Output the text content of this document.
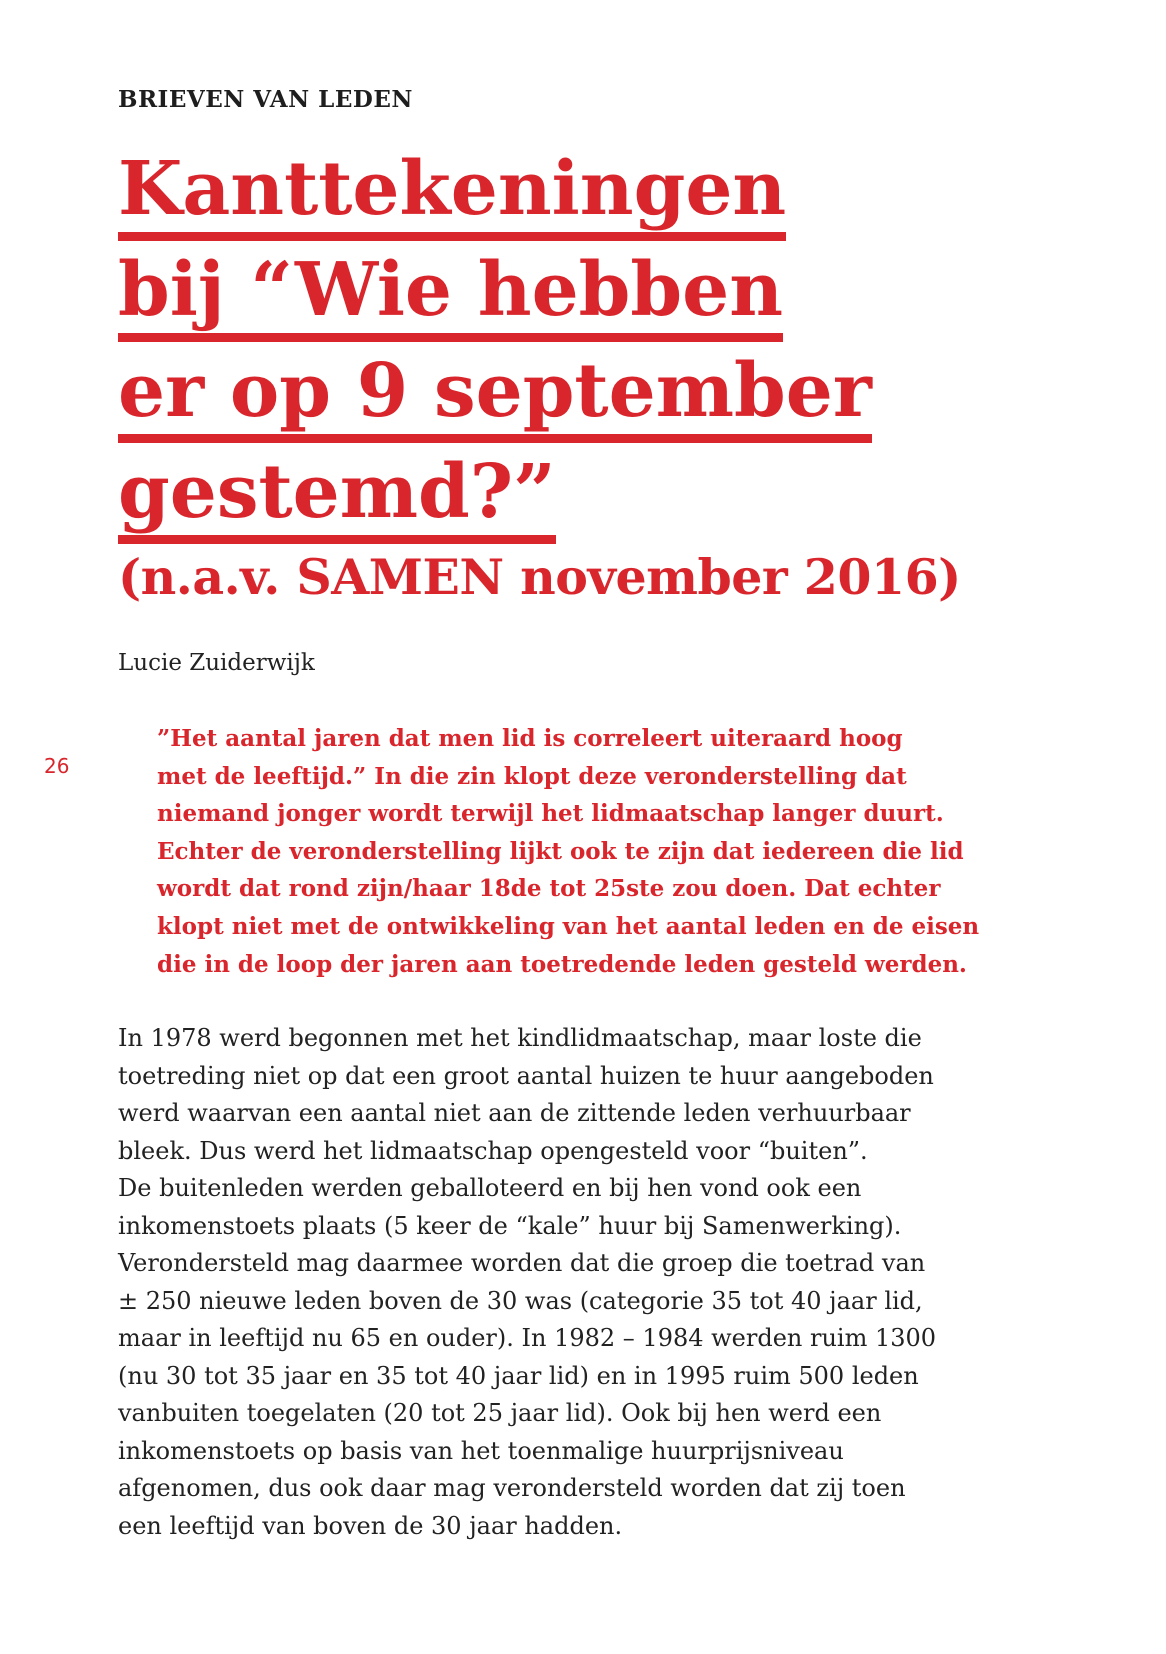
BRIEVEN VAN LEDEN
Kanttekeningen
bij “Wie hebben
er op 9 september
gestemd?”
(n.a.v. SAMEN november 2016)
Lucie Zuiderwijk
26

”Het aantal jaren dat men lid is correleert uiteraard hoog
met de leeftijd.” In die zin klopt deze veronderstelling dat
niemand jonger wordt terwijl het lidmaatschap langer duurt.
Echter de veronderstelling lijkt ook te zijn dat iedereen die lid
wordt dat rond zijn/haar 18de tot 25ste zou doen. Dat echter
klopt niet met de ontwikkeling van het aantal leden en de eisen
die in de loop der jaren aan toetredende leden gesteld werden.

In 1978 werd begonnen met het kindlidmaatschap, maar loste die
toetreding niet op dat een groot aantal huizen te huur aangeboden
werd waarvan een aantal niet aan de zittende leden verhuurbaar
bleek. Dus werd het lidmaatschap opengesteld voor “buiten”.
De buitenleden werden geballoteerd en bij hen vond ook een
inkomenstoets plaats (5 keer de “kale” huur bij Samenwerking).
Verondersteld mag daarmee worden dat die groep die toetrad van
± 250 nieuwe leden boven de 30 was (categorie 35 tot 40 jaar lid,
maar in leeftijd nu 65 en ouder). In 1982 – 1984 werden ruim 1300
(nu 30 tot 35 jaar en 35 tot 40 jaar lid) en in 1995 ruim 500 leden
vanbuiten toegelaten (20 tot 25 jaar lid). Ook bij hen werd een
inkomenstoets op basis van het toenmalige huurprijsniveau
afgenomen, dus ook daar mag verondersteld worden dat zij toen
een leeftijd van boven de 30 jaar hadden.
